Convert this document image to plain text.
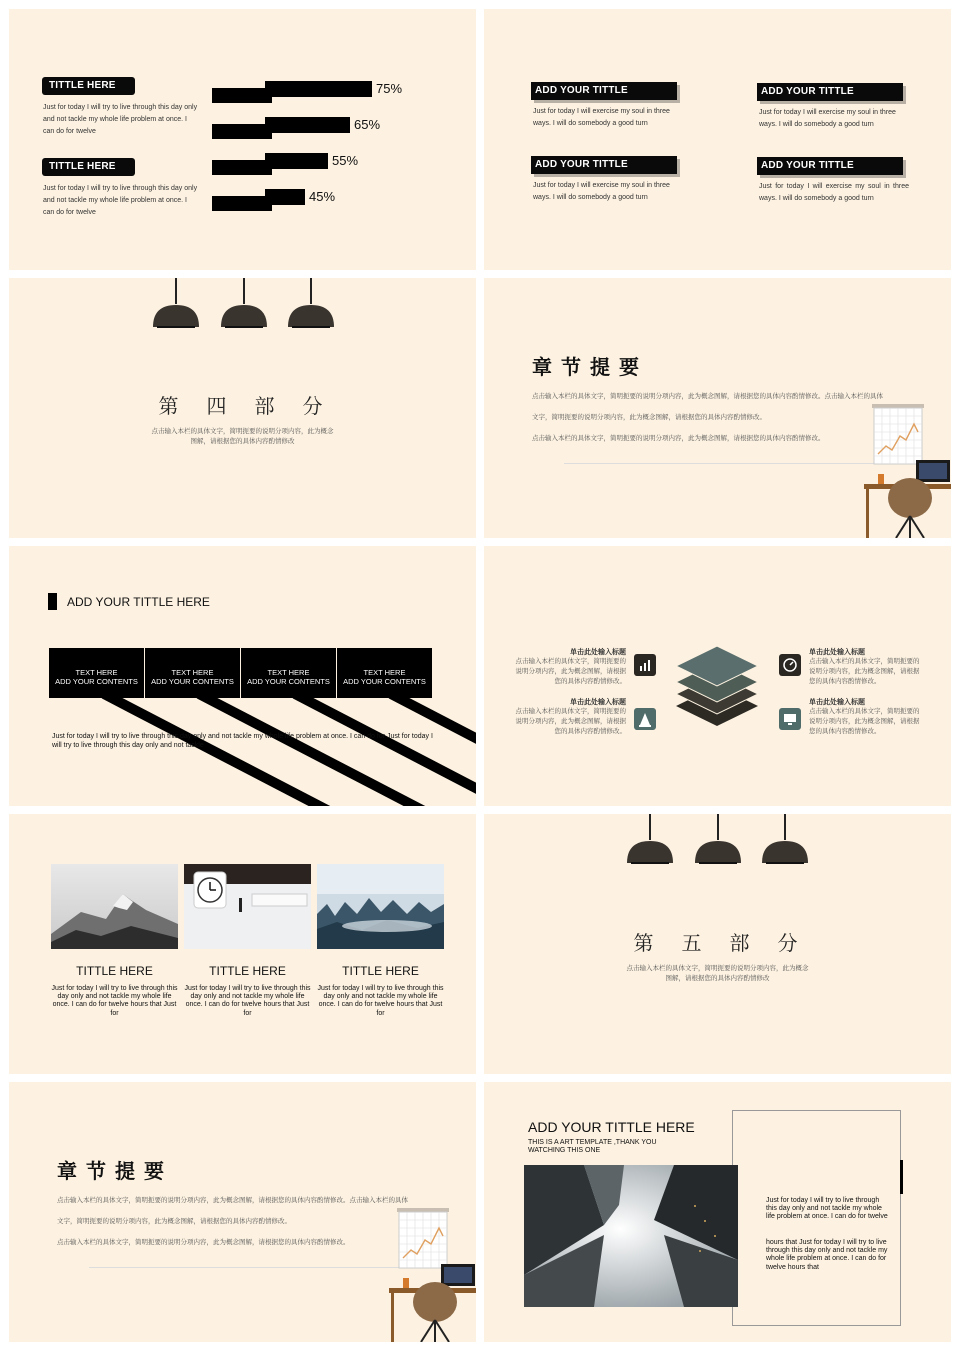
TITTLE HERE
Just for today I will try to live through this day only and not tackle my whole life problem at once. I can do for twelve
TITTLE HERE
Just for today I will try to live through this day only and not tackle my whole life problem at once. I can do for twelve
75%
65%
55%
45%
ADD YOUR TITTLE
Just for today I will exercise my soul in three ways. I will do somebody a good turn
ADD YOUR TITTLE
Just for today I will exercise my soul in three ways. I will do somebody a good turn
ADD YOUR TITTLE
Just for today I will exercise my soul in three ways. I will do somebody a good turn
ADD YOUR TITTLE
Just for today I will exercise my soul in three ways. I will do somebody a good turn
第　四　部　分
点击输入本栏的具体文字，简明扼要的说明分项内容，此为概念
图解，请根据您的具体内容酌情修改
章节提要
点击输入本栏的具体文字，简明扼要的说明分项内容，此为概念图解，请根据您的具体内容酌情修改。点击输入本栏的具体
文字，简明扼要的说明分项内容，此为概念图解，请根据您的具体内容酌情修改。
点击输入本栏的具体文字，简明扼要的说明分项内容，此为概念图解，请根据您的具体内容酌情修改。
ADD YOUR TITTLE HERE
TEXT HERE
ADD YOUR CONTENTS
TEXT HERE
ADD YOUR CONTENTS
TEXT HERE
ADD YOUR CONTENTS
TEXT HERE
ADD YOUR CONTENTS
Just for today I will try to live through this day only and not tackle my whole life problem at once. I can do for Just for today I will try to live through this day only and not tackle
单击此处输入标题
点击输入本栏的具体文字，简明扼要的说明分项内容，此为概念图解，请根据您的具体内容酌情修改。
单击此处输入标题
点击输入本栏的具体文字，简明扼要的说明分项内容，此为概念图解，请根据您的具体内容酌情修改。
单击此处输入标题
点击输入本栏的具体文字，简明扼要的说明分项内容，此为概念图解，请根据您的具体内容酌情修改。
单击此处输入标题
点击输入本栏的具体文字，简明扼要的说明分项内容，此为概念图解，请根据您的具体内容酌情修改。
TITTLE HERE
Just for today I will try to live through this day only and not tackle my whole life once. I can do for twelve hours that Just for
TITTLE HERE
Just for today I will try to live through this day only and not tackle my whole life once. I can do for twelve hours that Just for
TITTLE HERE
Just for today I will try to live through this day only and not tackle my whole life once. I can do for twelve hours that Just for
第　五　部　分
点击输入本栏的具体文字，简明扼要的说明分项内容，此为概念
图解，请根据您的具体内容酌情修改
章节提要
点击输入本栏的具体文字，简明扼要的说明分项内容，此为概念图解，请根据您的具体内容酌情修改。点击输入本栏的具体
文字，简明扼要的说明分项内容，此为概念图解，请根据您的具体内容酌情修改。
点击输入本栏的具体文字，简明扼要的说明分项内容，此为概念图解，请根据您的具体内容酌情修改。
ADD YOUR TITTLE HERE
THIS IS A ART TEMPLATE ,THANK YOU
WATCHING THIS ONE
Just for today I will try to live through this day only and not tackle my whole life problem at once. I can do for twelve
hours that Just for today I will try to live through this day only and not tackle my whole life problem at once. I can do for twelve hours that
